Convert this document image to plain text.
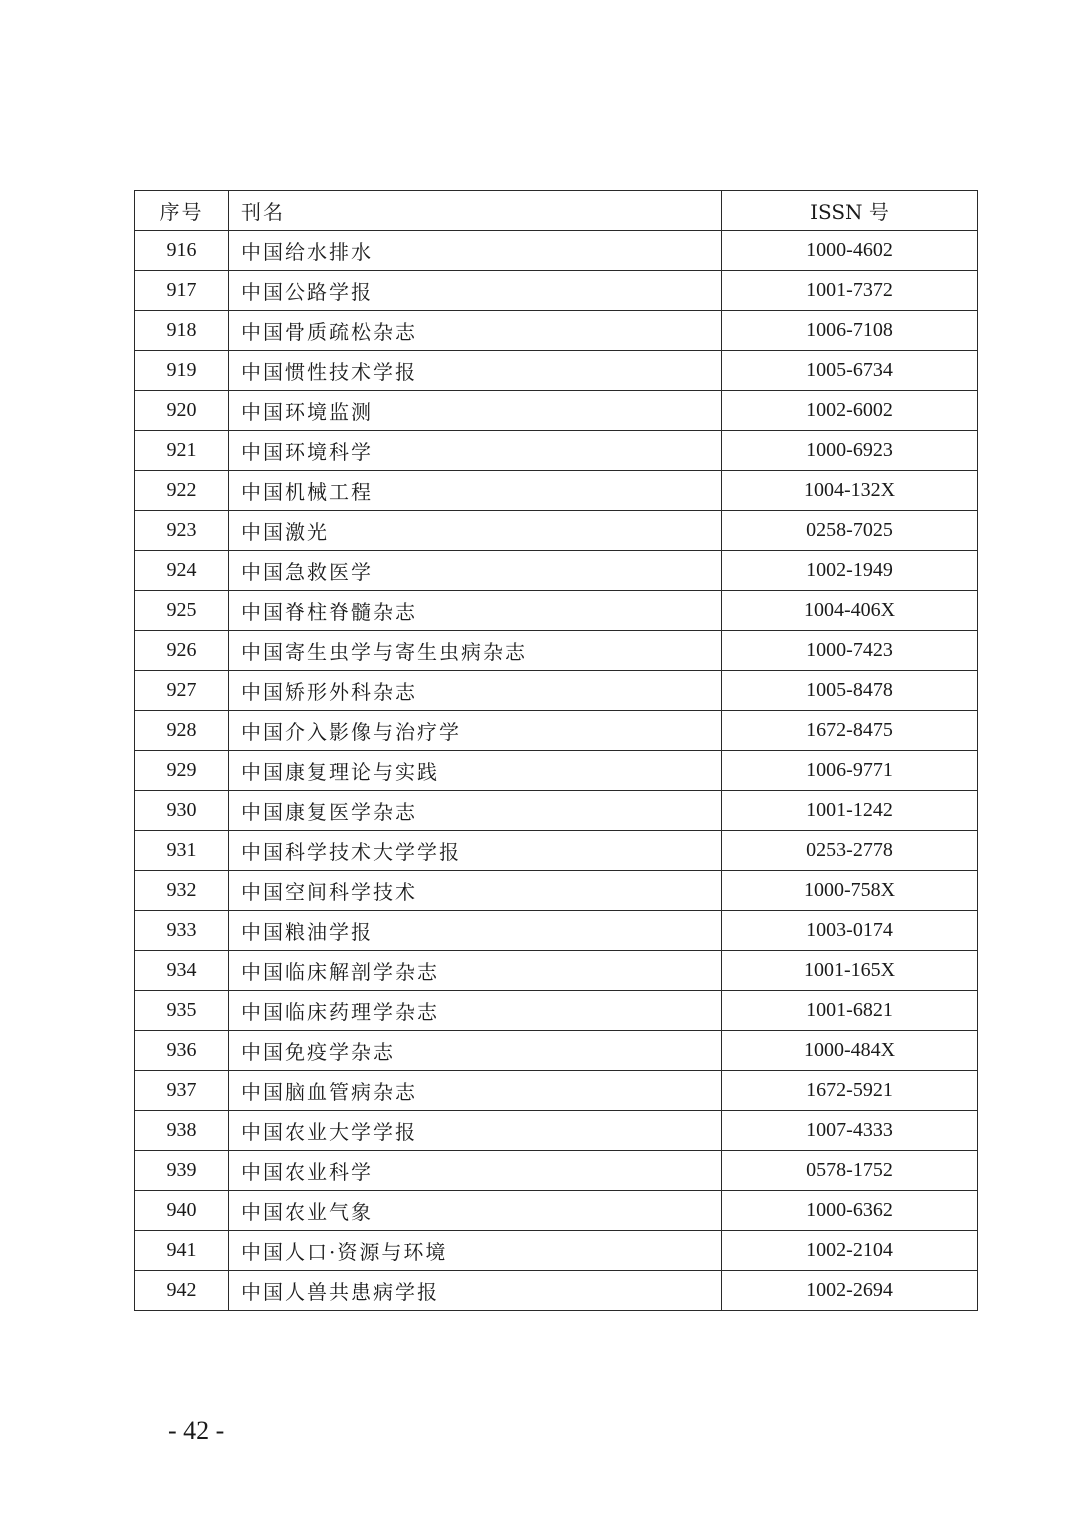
序号	刊名	ISSN 号
916	中国给水排水	1000-4602
917	中国公路学报	1001-7372
918	中国骨质疏松杂志	1006-7108
919	中国惯性技术学报	1005-6734
920	中国环境监测	1002-6002
921	中国环境科学	1000-6923
922	中国机械工程	1004-132X
923	中国激光	0258-7025
924	中国急救医学	1002-1949
925	中国脊柱脊髓杂志	1004-406X
926	中国寄生虫学与寄生虫病杂志	1000-7423
927	中国矫形外科杂志	1005-8478
928	中国介入影像与治疗学	1672-8475
929	中国康复理论与实践	1006-9771
930	中国康复医学杂志	1001-1242
931	中国科学技术大学学报	0253-2778
932	中国空间科学技术	1000-758X
933	中国粮油学报	1003-0174
934	中国临床解剖学杂志	1001-165X
935	中国临床药理学杂志	1001-6821
936	中国免疫学杂志	1000-484X
937	中国脑血管病杂志	1672-5921
938	中国农业大学学报	1007-4333
939	中国农业科学	0578-1752
940	中国农业气象	1000-6362
941	中国人口·资源与环境	1002-2104
942	中国人兽共患病学报	1002-2694
- 42 -
